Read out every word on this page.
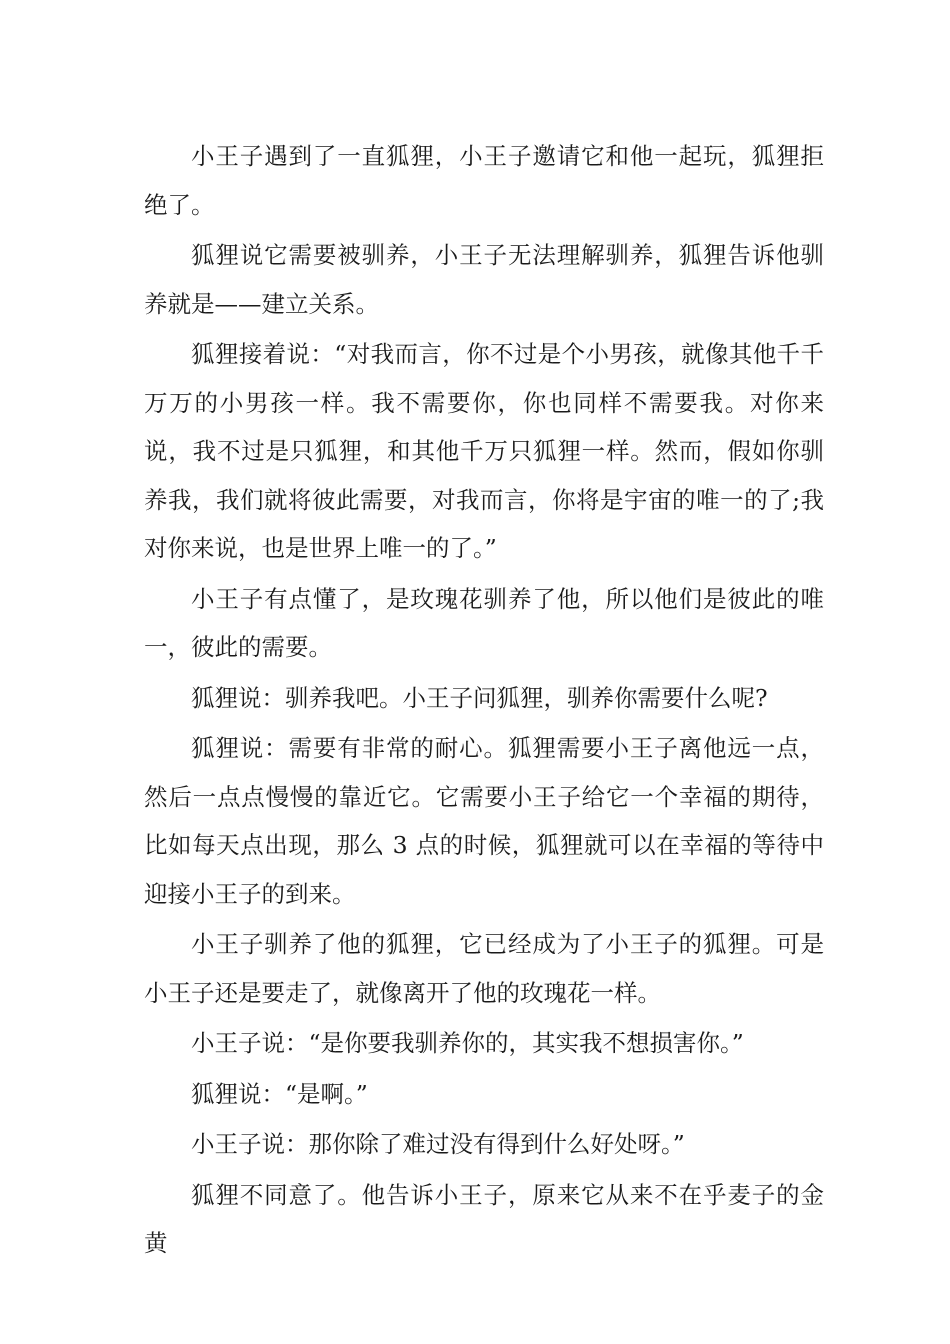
小王子遇到了一直狐狸，小王子邀请它和他一起玩，狐狸拒绝了。

狐狸说它需要被驯养，小王子无法理解驯养，狐狸告诉他驯养就是——建立关系。

狐狸接着说：“对我而言，你不过是个小男孩，就像其他千千万万的小男孩一样。我不需要你，你也同样不需要我。对你来说，我不过是只狐狸，和其他千万只狐狸一样。然而，假如你驯养我，我们就将彼此需要，对我而言，你将是宇宙的唯一的了;我对你来说，也是世界上唯一的了。”

小王子有点懂了，是玫瑰花驯养了他，所以他们是彼此的唯一，彼此的需要。

狐狸说：驯养我吧。小王子问狐狸，驯养你需要什么呢?

狐狸说：需要有非常的耐心。狐狸需要小王子离他远一点，然后一点点慢慢的靠近它。它需要小王子给它一个幸福的期待，比如每天点出现，那么 3 点的时候，狐狸就可以在幸福的等待中迎接小王子的到来。

小王子驯养了他的狐狸，它已经成为了小王子的狐狸。可是小王子还是要走了，就像离开了他的玫瑰花一样。

小王子说：“是你要我驯养你的，其实我不想损害你。”

狐狸说：“是啊。”

小王子说：那你除了难过没有得到什么好处呀。”

狐狸不同意了。他告诉小王子，原来它从来不在乎麦子的金黄
